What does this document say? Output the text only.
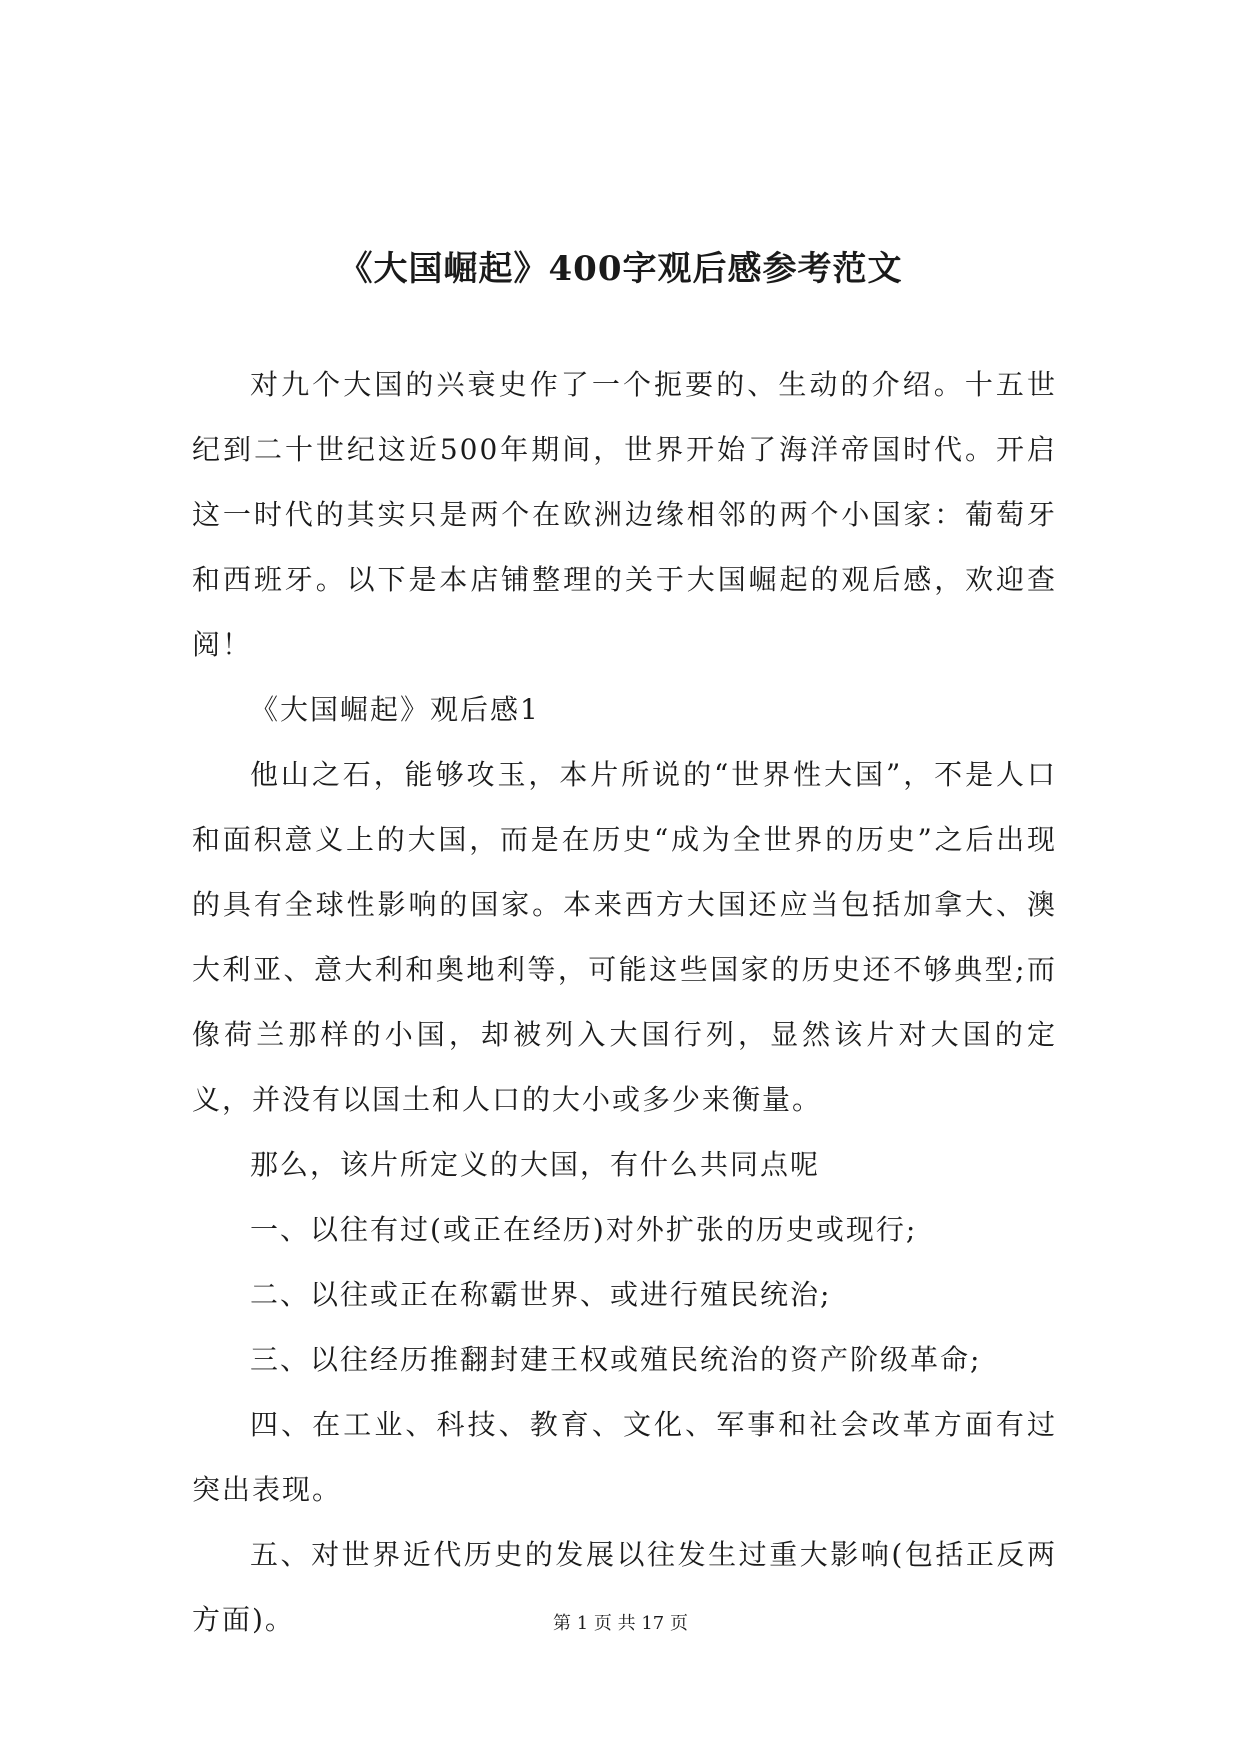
《大国崛起》400字观后感参考范文

对九个大国的兴衰史作了一个扼要的、生动的介绍。十五世纪到二十世纪这近500年期间，世界开始了海洋帝国时代。开启这一时代的其实只是两个在欧洲边缘相邻的两个小国家：葡萄牙和西班牙。以下是本店铺整理的关于大国崛起的观后感，欢迎查阅！

《大国崛起》观后感1

他山之石，能够攻玉，本片所说的“世界性大国”，不是人口和面积意义上的大国，而是在历史“成为全世界的历史”之后出现的具有全球性影响的国家。本来西方大国还应当包括加拿大、澳大利亚、意大利和奥地利等，可能这些国家的历史还不够典型;而像荷兰那样的小国，却被列入大国行列，显然该片对大国的定义，并没有以国土和人口的大小或多少来衡量。

那么，该片所定义的大国，有什么共同点呢

一、以往有过(或正在经历)对外扩张的历史或现行;

二、以往或正在称霸世界、或进行殖民统治;

三、以往经历推翻封建王权或殖民统治的资产阶级革命;

四、在工业、科技、教育、文化、军事和社会改革方面有过突出表现。

五、对世界近代历史的发展以往发生过重大影响(包括正反两方面)。	第 1 页 共 17 页
